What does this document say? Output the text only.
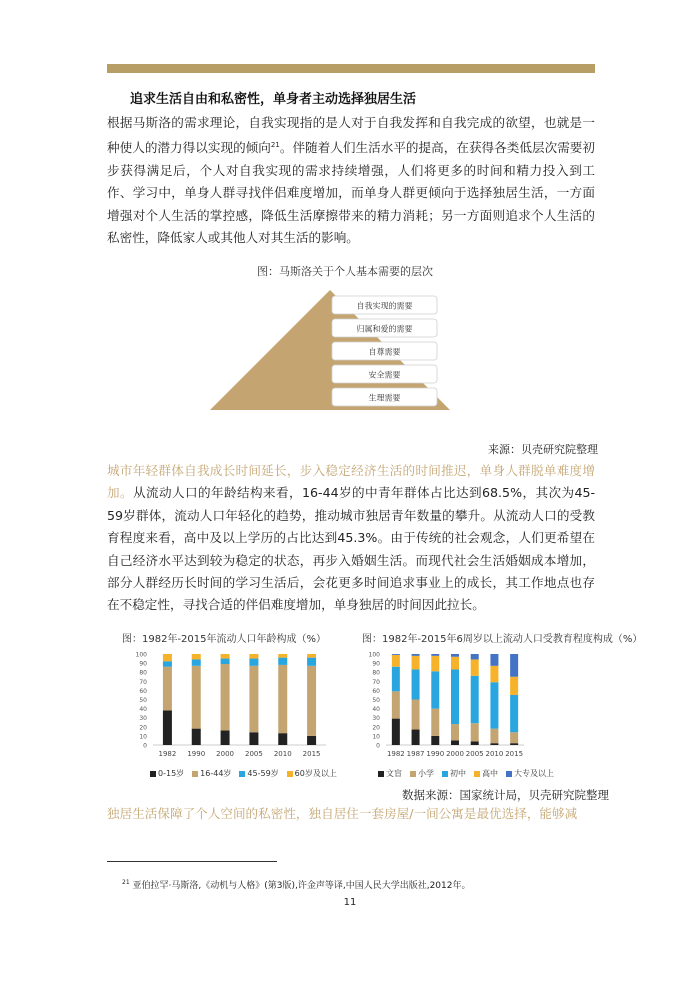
追求生活自由和私密性，单身者主动选择独居生活

根据马斯洛的需求理论，自我实现指的是人对于自我发挥和自我完成的欲望，也就是一种使人的潜力得以实现的倾向$^{21}$。伴随着人们生活水平的提高，在获得各类低层次需要初步获得满足后，个人对自我实现的需求持续增强，人们将更多的时间和精力投入到工作、学习中，单身人群寻找伴侣难度增加，而单身人群更倾向于选择独居生活，一方面增强对个人生活的掌控感，降低生活摩擦带来的精力消耗；另一方面则追求个人生活的私密性，降低家人或其他人对其生活的影响。

图：马斯洛关于个人基本需要的层次
自我实现的需要
归属和爱的需要
自尊需要
安全需要
生理需要
来源：贝壳研究院整理

城市年轻群体自我成长时间延长，步入稳定经济生活的时间推迟，单身人群脱单难度增加。从流动人口的年龄结构来看，16-44岁的中青年群体占比达到68.5%，其次为45-59岁群体，流动人口年轻化的趋势，推动城市独居青年数量的攀升。从流动人口的受教育程度来看，高中及以上学历的占比达到45.3%。由于传统的社会观念，人们更希望在自己经济水平达到较为稳定的状态，再步入婚姻生活。而现代社会生活婚姻成本增加，部分人群经历长时间的学习生活后，会花更多时间追求事业上的成长，其工作地点也存在不稳定性，寻找合适的伴侣难度增加，单身独居的时间因此拉长。

图：1982年-2015年流动人口年龄构成（%）	图：1982年-2015年6周岁以上流动人口受教育程度构成（%）
0
10
20
30
40
50
60
70
80
90
100
1982 1990 2000 2005 2010 2015
0
10
20
30
40
50
60
70
80
90
100
1982 1987 1990 2000 2005 2010 2015
0-15岁 16-44岁 45-59岁 60岁及以上	文盲 小学 初中 高中 大专及以上
数据来源：国家统计局，贝壳研究院整理

独居生活保障了个人空间的私密性，独自居住一套房屋/一间公寓是最优选择，能够减

$^{21}$ 亚伯拉罕·马斯洛,《动机与人格》(第3版),许金声等译,中国人民大学出版社,2012年。
11
